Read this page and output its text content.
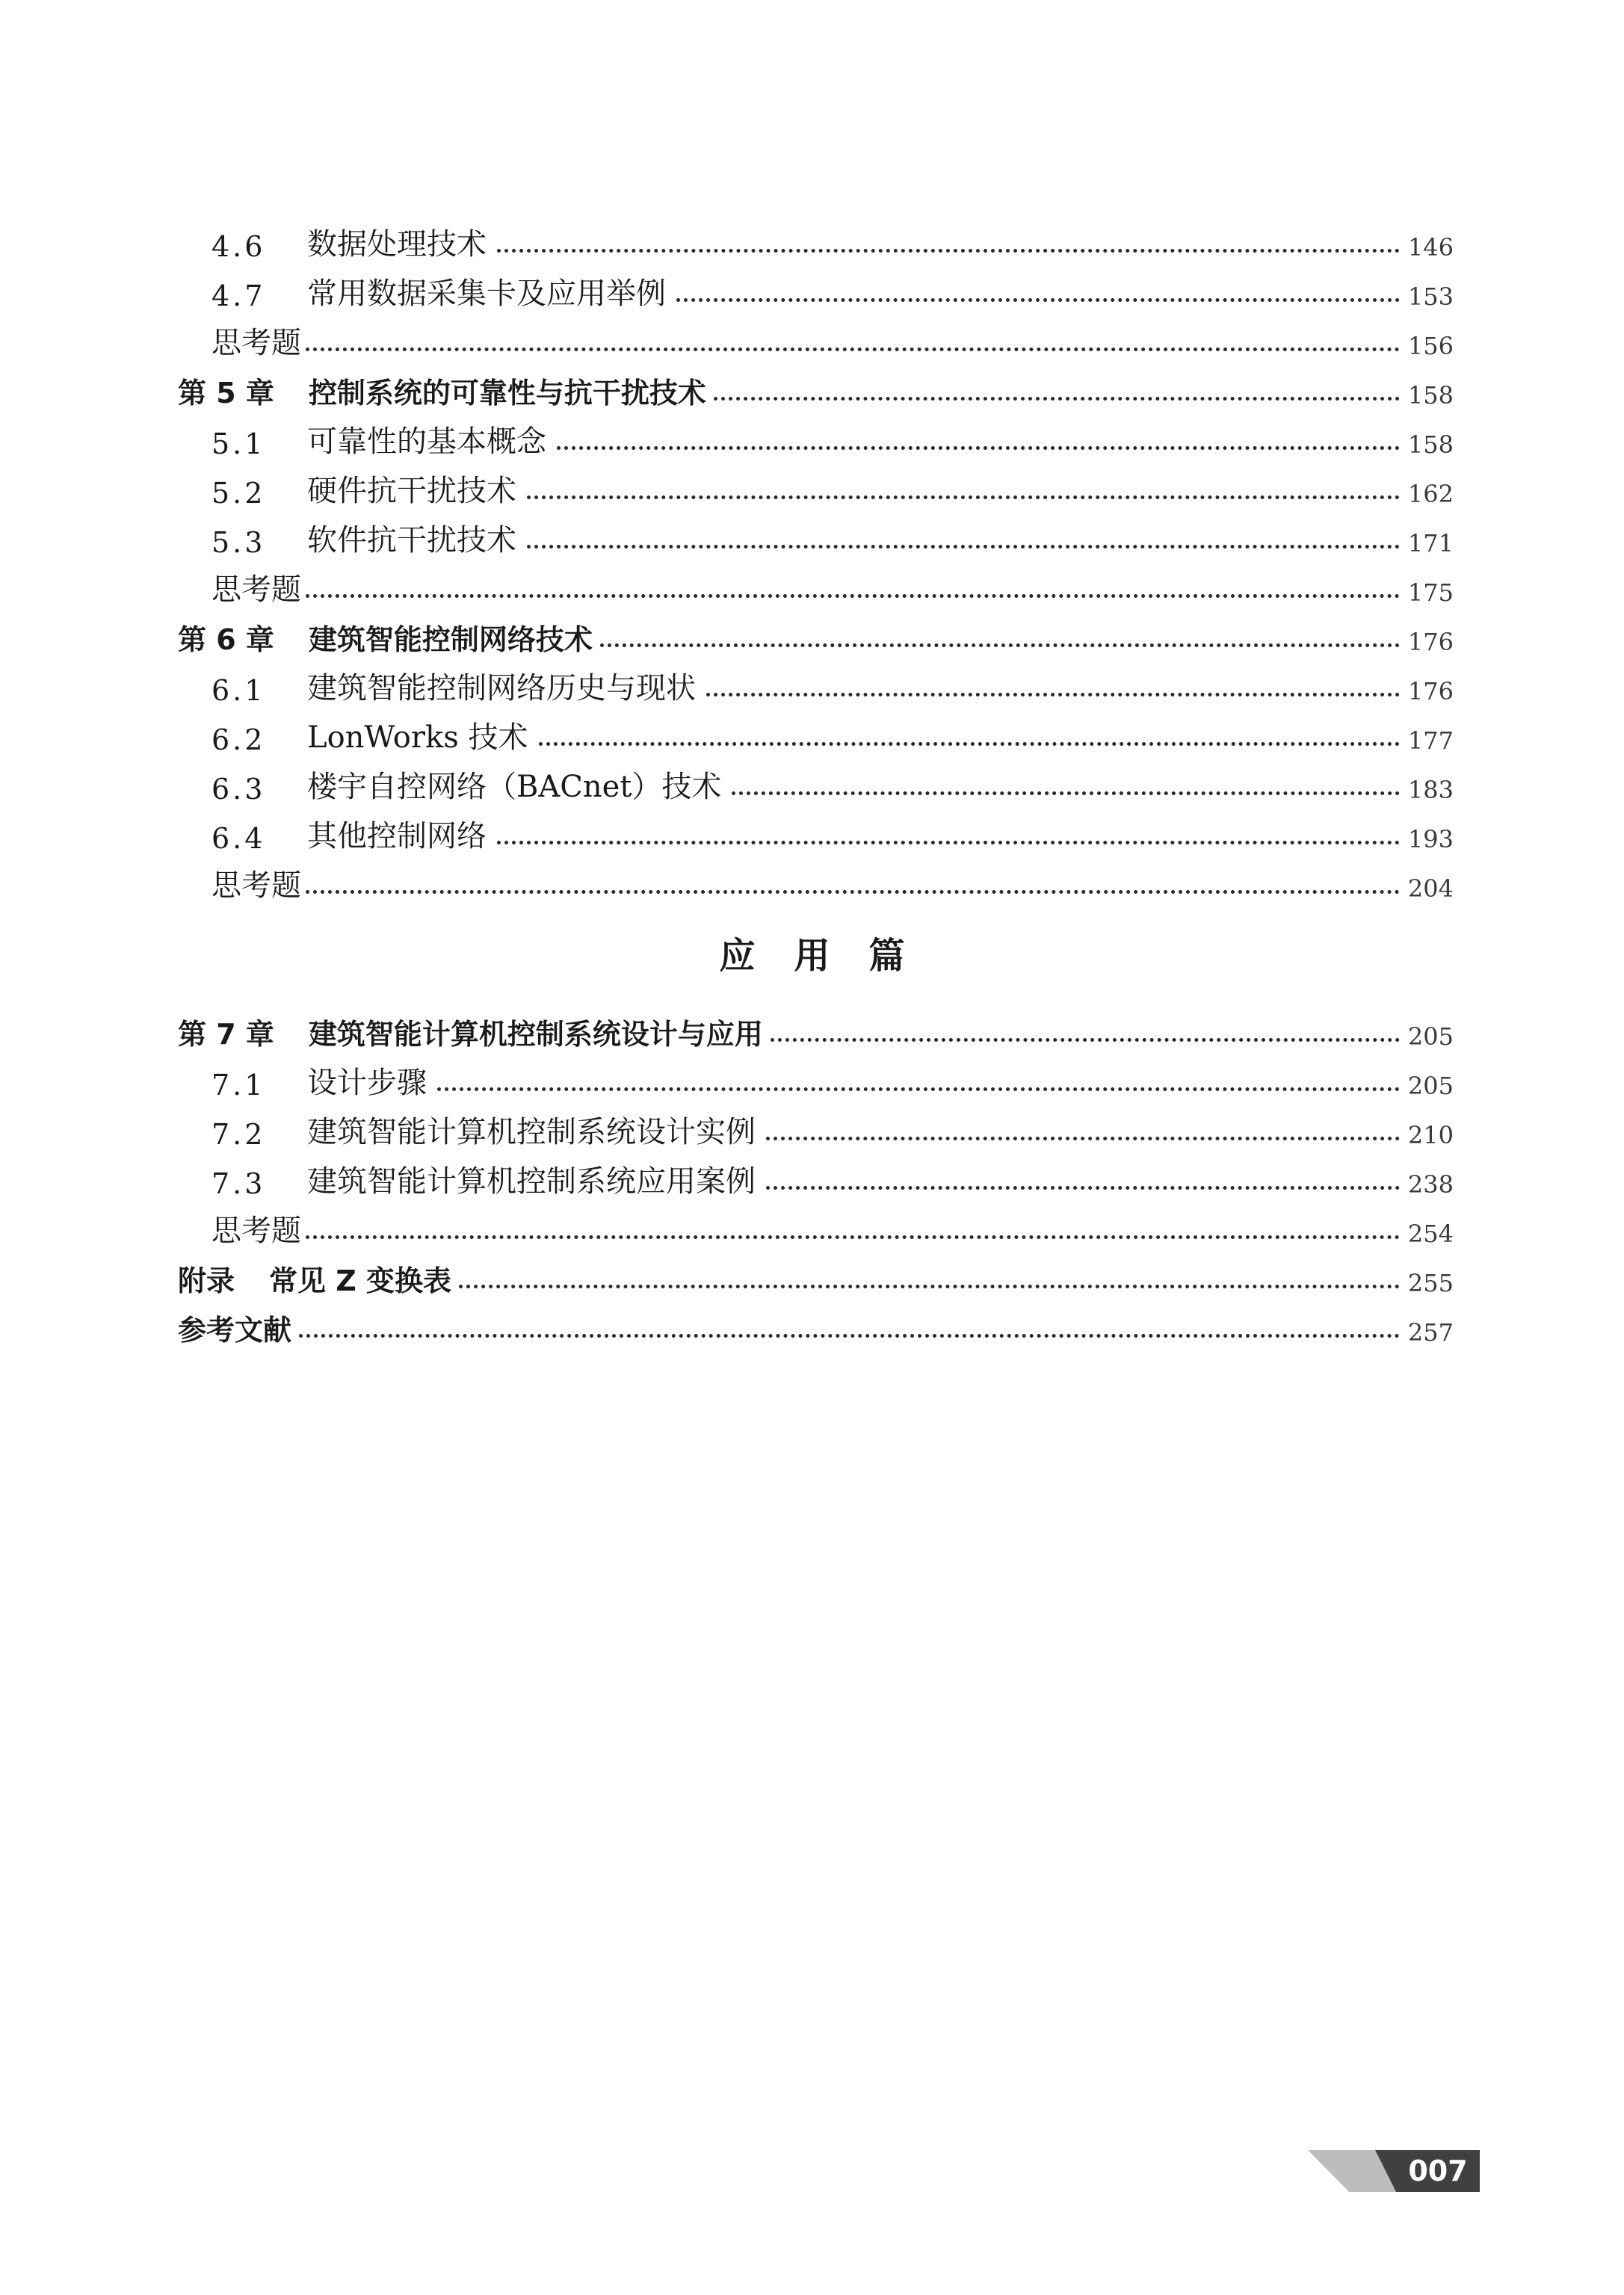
4.6	数据处理技术	146
4.7	常用数据采集卡及应用举例	153
思考题	156
第 5 章	控制系统的可靠性与抗干扰技术	158
5.1	可靠性的基本概念	158
5.2	硬件抗干扰技术	162
5.3	软件抗干扰技术	171
思考题	175
第 6 章	建筑智能控制网络技术	176
6.1	建筑智能控制网络历史与现状	176
6.2	LonWorks 技术	177
6.3	楼宇自控网络（BACnet）技术	183
6.4	其他控制网络	193
思考题	204
第 7 章	建筑智能计算机控制系统设计与应用	205
7.1	设计步骤	205
7.2	建筑智能计算机控制系统设计实例	210
7.3	建筑智能计算机控制系统应用案例	238
思考题	254
附录	常见 Z 变换表	255
参考文献	257
应用篇
007
